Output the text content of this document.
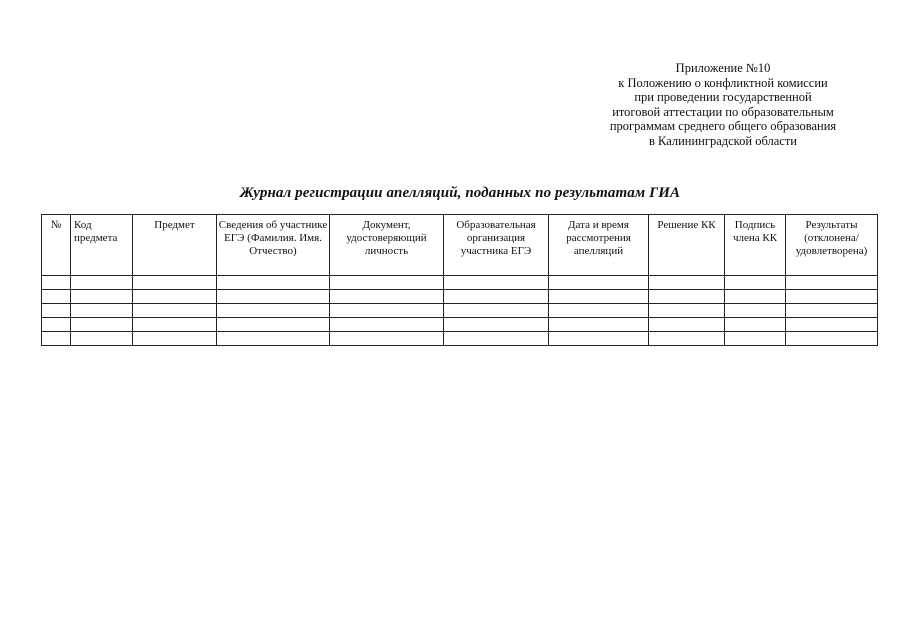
Приложение №10
к Положению о конфликтной комиссии
при проведении государственной
итоговой аттестации по образовательным
программам среднего общего образования
в Калининградской области
Журнал регистрации апелляций, поданных по результатам ГИА
№	Код предмета	Предмет	Сведения об участнике ЕГЭ (Фамилия. Имя. Отчество)	Документ, удостоверяющий личность	Образовательная организация участника ЕГЭ	Дата и время рассмотрения апелляций	Решение КК	Подпись члена КК	Результаты (отклонена/ удовлетворена)
